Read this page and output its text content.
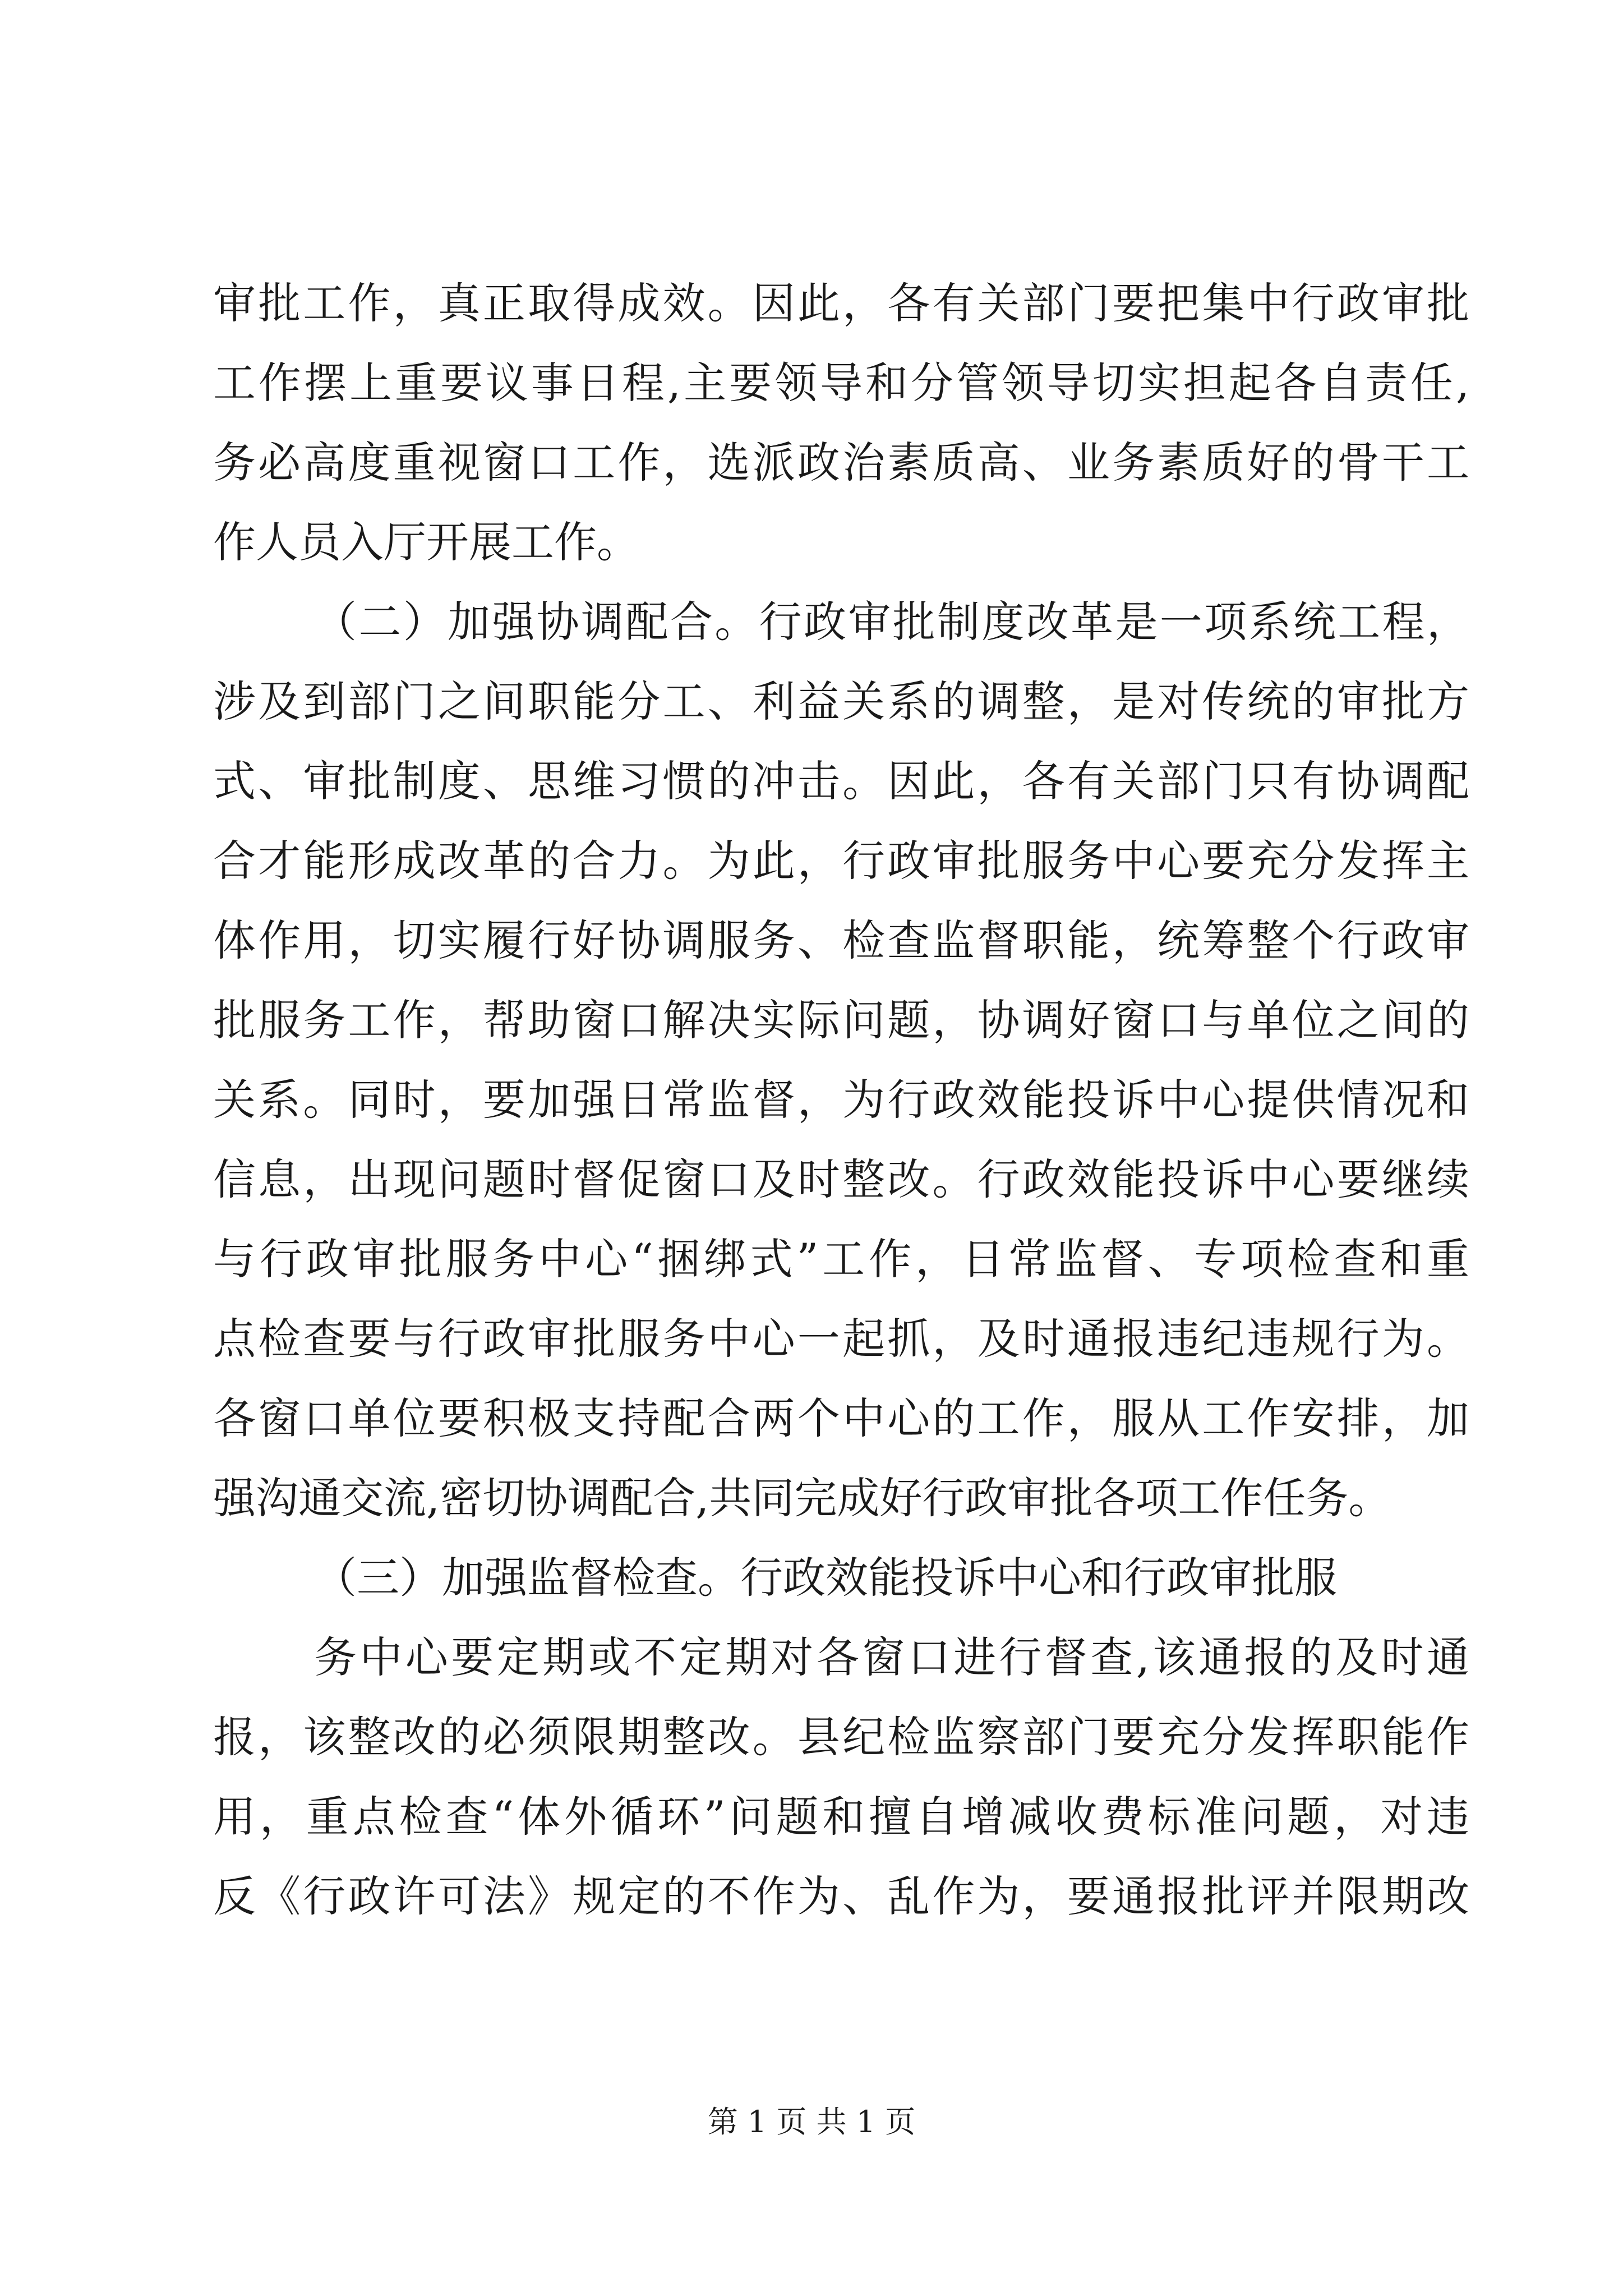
审批工作，真正取得成效。因此，各有关部门要把集中行政审批
工作摆上重要议事日程,主要领导和分管领导切实担起各自责任,
务必高度重视窗口工作，选派政治素质高、业务素质好的骨干工
作人员入厅开展工作。
（二）加强协调配合。行政审批制度改革是一项系统工程，
涉及到部门之间职能分工、利益关系的调整，是对传统的审批方
式、审批制度、思维习惯的冲击。因此，各有关部门只有协调配
合才能形成改革的合力。为此，行政审批服务中心要充分发挥主
体作用，切实履行好协调服务、检查监督职能，统筹整个行政审
批服务工作，帮助窗口解决实际问题，协调好窗口与单位之间的
关系。同时，要加强日常监督，为行政效能投诉中心提供情况和
信息，出现问题时督促窗口及时整改。行政效能投诉中心要继续
与行政审批服务中心“捆绑式”工作，日常监督、专项检查和重
点检查要与行政审批服务中心一起抓，及时通报违纪违规行为。
各窗口单位要积极支持配合两个中心的工作，服从工作安排，加
强沟通交流,密切协调配合,共同完成好行政审批各项工作任务。
（三）加强监督检查。行政效能投诉中心和行政审批服
务中心要定期或不定期对各窗口进行督查,该通报的及时通
报，该整改的必须限期整改。县纪检监察部门要充分发挥职能作
用，重点检查“体外循环”问题和擅自增减收费标准问题，对违
反《行政许可法》规定的不作为、乱作为，要通报批评并限期改
第 1 页 共 1 页
